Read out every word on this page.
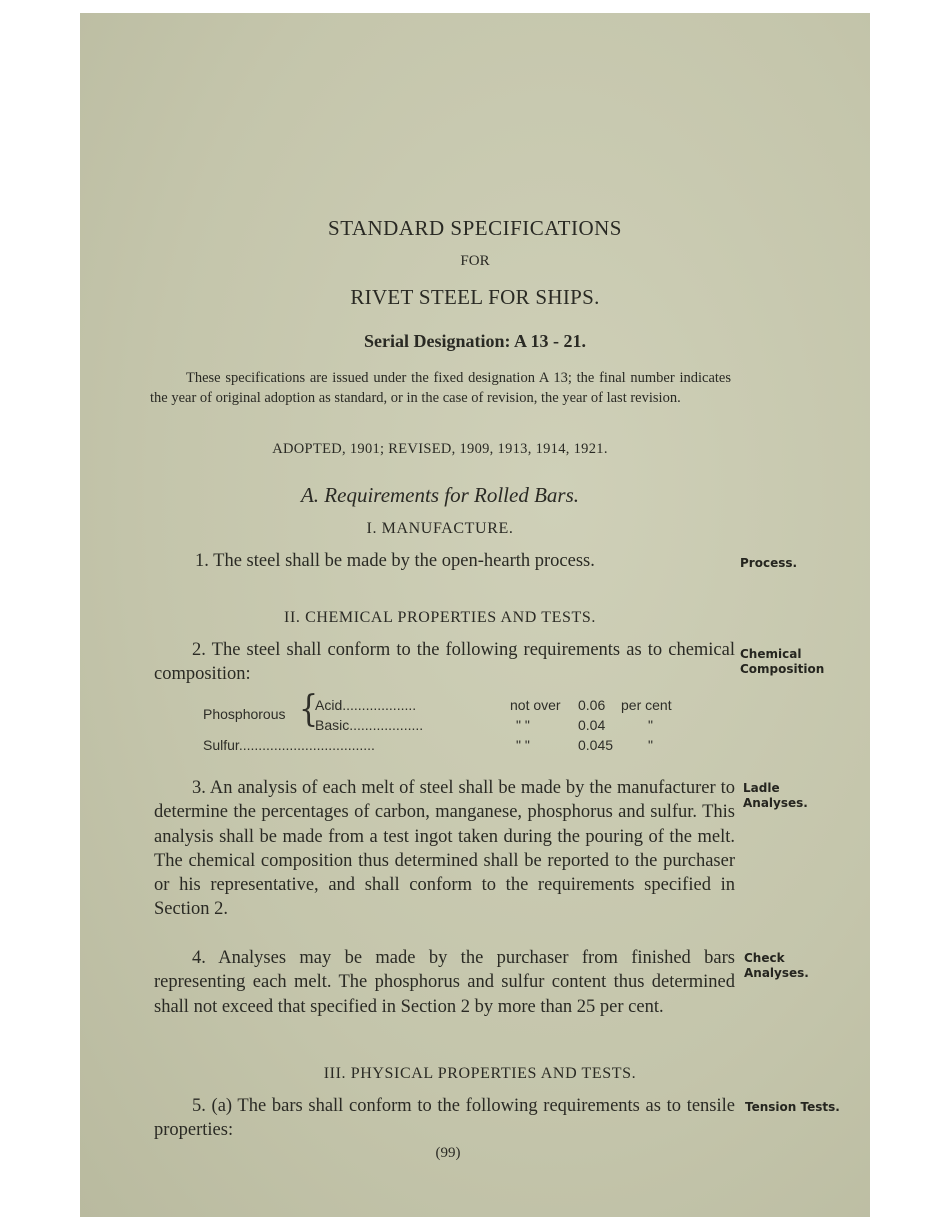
STANDARD SPECIFICATIONS
FOR
RIVET STEEL FOR SHIPS.
Serial Designation: A 13 - 21.
These specifications are issued under the fixed designation A 13; the final number indicates the year of original adoption as standard, or in the case of revision, the year of last revision.
ADOPTED, 1901; REVISED, 1909, 1913, 1914, 1921.
A. Requirements for Rolled Bars.
I. MANUFACTURE.
1. The steel shall be made by the open-hearth process.	Process.
II. CHEMICAL PROPERTIES AND TESTS.
2. The steel shall conform to the following requirements as to chemical composition:
Chemical
Composition
Phosphorous {
Acid...................	not over 0.06 per cent
Basic...................	" "	0.04	"
Sulfur...................................	" "	0.045 "
3. An analysis of each melt of steel shall be made by the manufacturer to determine the percentages of carbon, manganese, phosphorus and sulfur. This analysis shall be made from a test ingot taken during the pouring of the melt. The chemical composition thus determined shall be reported to the purchaser or his representative, and shall conform to the requirements specified in Section 2.
Ladle
Analyses.
4. Analyses may be made by the purchaser from finished bars representing each melt. The phosphorus and sulfur content thus determined shall not exceed that specified in Section 2 by more than 25 per cent.
Check
Analyses.
III. PHYSICAL PROPERTIES AND TESTS.
5. (a) The bars shall conform to the following requirements as to tensile properties:
Tension Tests.
(99)
